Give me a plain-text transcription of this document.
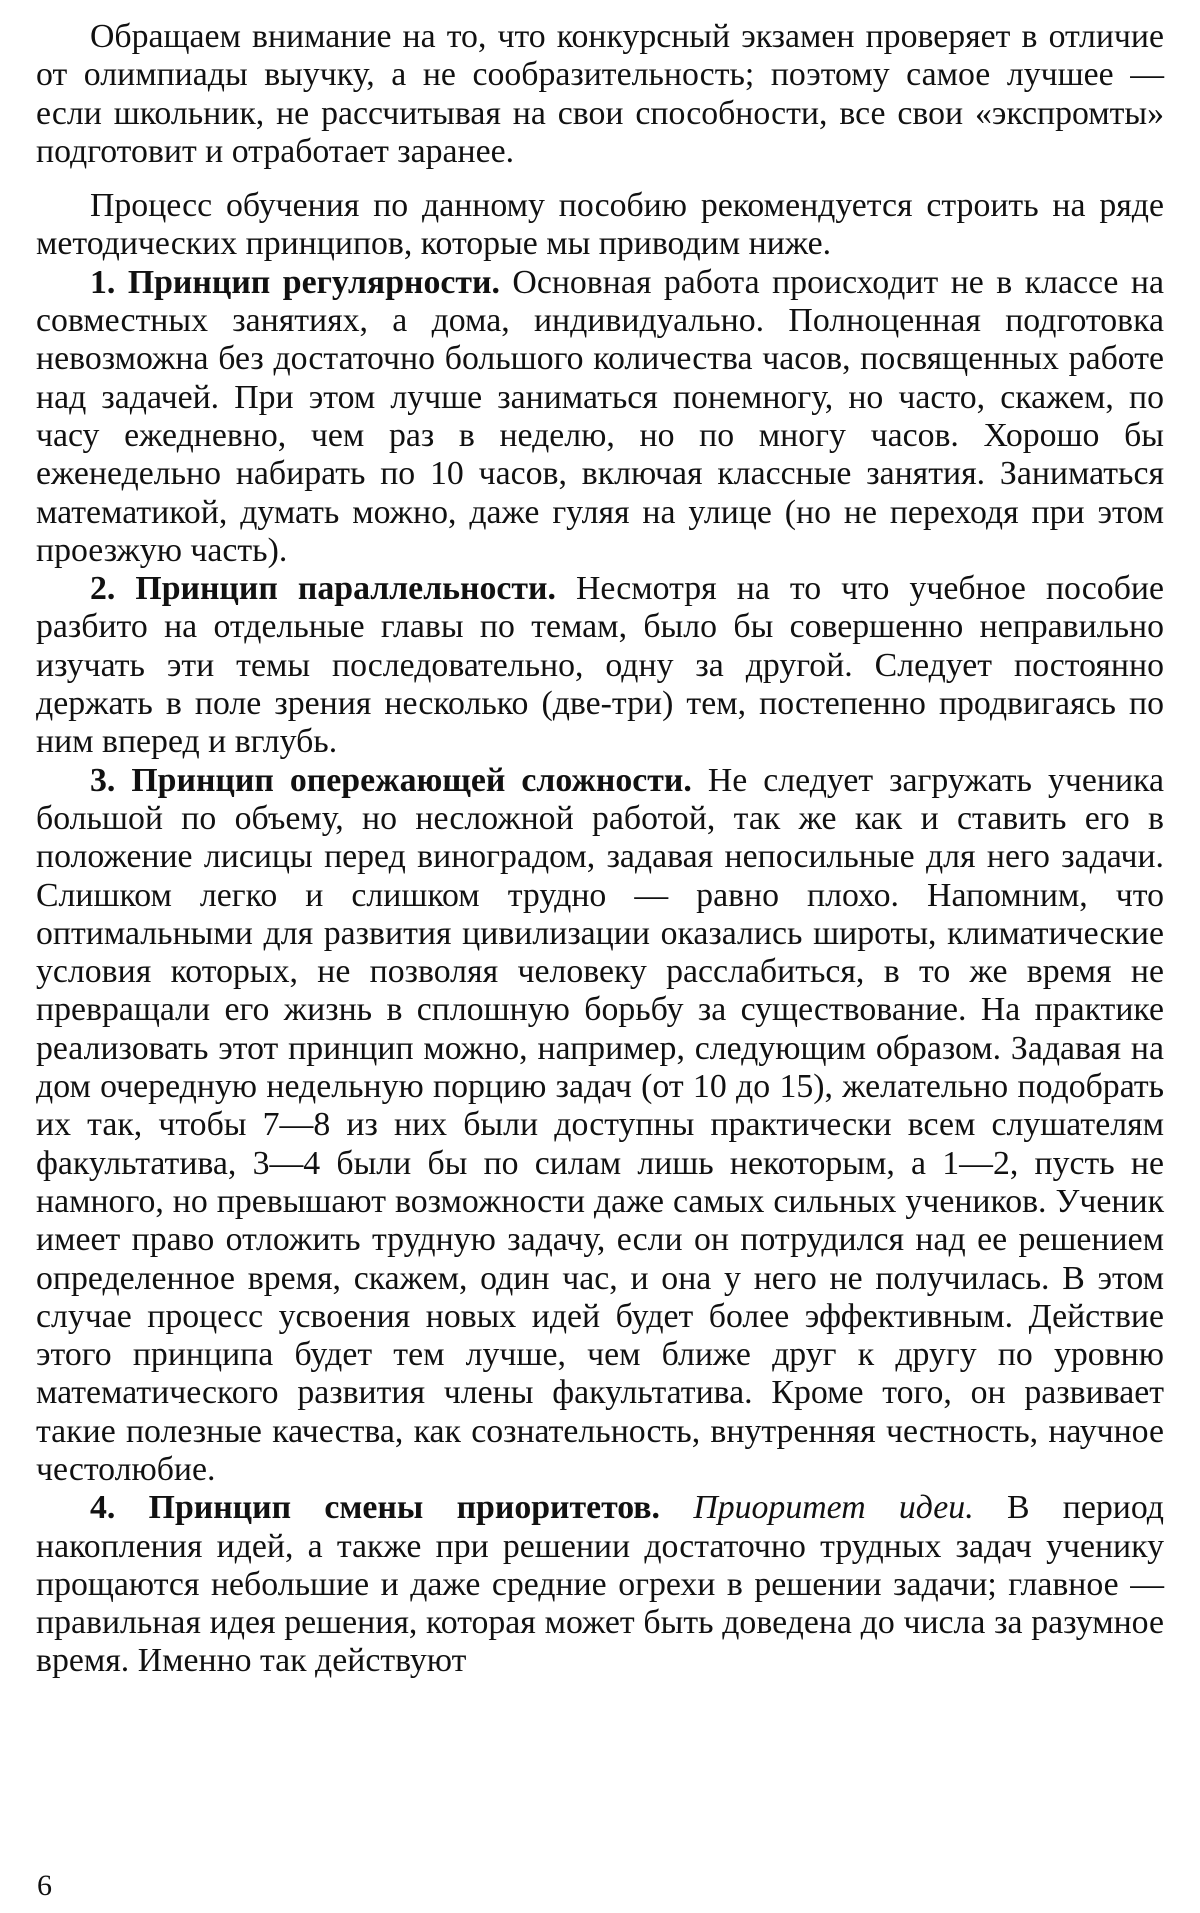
Обращаем внимание на то, что конкурсный экзамен проверяет в отличие от олимпиады выучку, а не сообразительность; поэтому самое лучшее — если школьник, не рассчитывая на свои способности, все свои «экспромты» подготовит и отработает заранее.

Процесс обучения по данному пособию рекомендуется строить на ряде методических принципов, которые мы приводим ниже.

1. Принцип регулярности. Основная работа происходит не в классе на совместных занятиях, а дома, индивидуально. Полноценная подготовка невозможна без достаточно большого количества часов, посвященных работе над задачей. При этом лучше заниматься понемногу, но часто, скажем, по часу ежедневно, чем раз в неделю, но по многу часов. Хорошо бы еженедельно набирать по 10 часов, включая классные занятия. Заниматься математикой, думать можно, даже гуляя на улице (но не переходя при этом проезжую часть).

2. Принцип параллельности. Несмотря на то что учебное пособие разбито на отдельные главы по темам, было бы совершенно неправильно изучать эти темы последовательно, одну за другой. Следует постоянно держать в поле зрения несколько (две-три) тем, постепенно продвигаясь по ним вперед и вглубь.

3. Принцип опережающей сложности. Не следует загружать ученика большой по объему, но несложной работой, так же как и ставить его в положение лисицы перед виноградом, задавая непосильные для него задачи. Слишком легко и слишком трудно — равно плохо. Напомним, что оптимальными для развития цивилизации оказались широты, климатические условия которых, не позволяя человеку расслабиться, в то же время не превращали его жизнь в сплошную борьбу за существование. На практике реализовать этот принцип можно, например, следующим образом. Задавая на дом очередную недельную порцию задач (от 10 до 15), желательно подобрать их так, чтобы 7—8 из них были доступны практически всем слушателям факультатива, 3—4 были бы по силам лишь некоторым, а 1—2, пусть не намного, но превышают возможности даже самых сильных учеников. Ученик имеет право отложить трудную задачу, если он потрудился над ее решением определенное время, скажем, один час, и она у него не получилась. В этом случае процесс усвоения новых идей будет более эффективным. Действие этого принципа будет тем лучше, чем ближе друг к другу по уровню математического развития члены факультатива. Кроме того, он развивает такие полезные качества, как сознательность, внутренняя честность, научное честолюбие.

4. Принцип смены приоритетов. Приоритет идеи. В период накопления идей, а также при решении достаточно трудных задач ученику прощаются небольшие и даже средние огрехи в решении задачи; главное — правильная идея решения, которая может быть доведена до числа за разумное время. Именно так действуют

6
